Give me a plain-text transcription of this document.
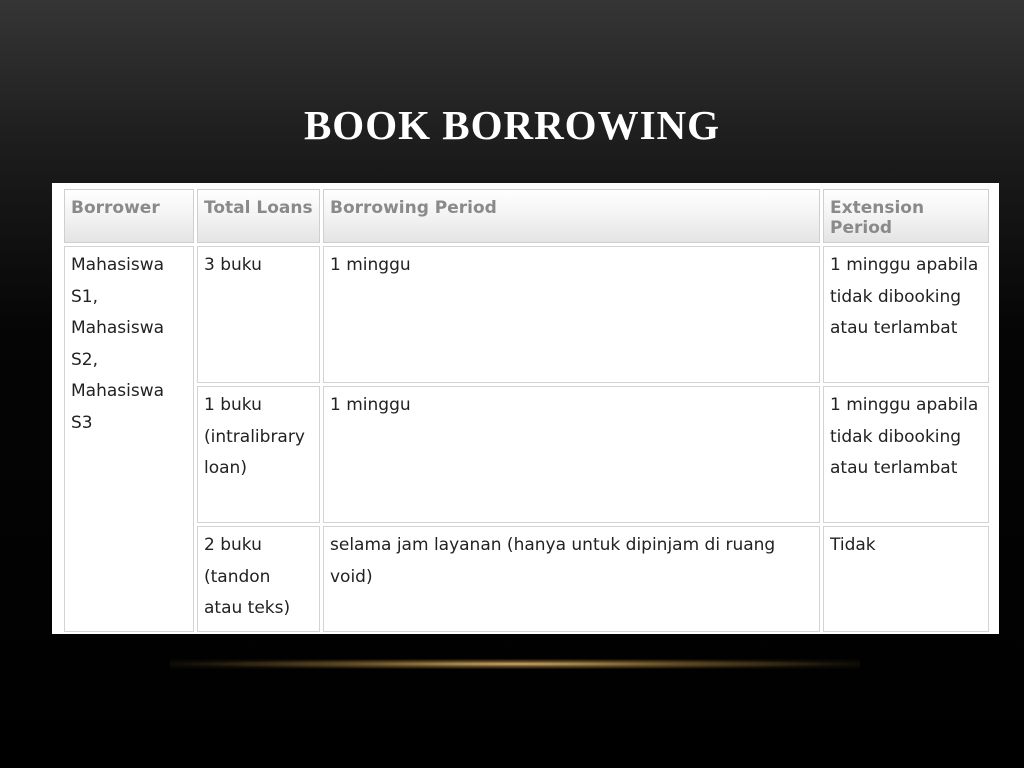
BOOK BORROWING
Borrower	Total Loans	Borrowing Period	Extension Period

Mahasiswa S1, Mahasiswa S2, Mahasiswa S3	3 buku	1 minggu	1 minggu apabila tidak dibooking atau terlambat

	1 buku (intralibrary loan)	1 minggu	1 minggu apabila tidak dibooking atau terlambat

	2 buku (tandon atau teks)	selama jam layanan (hanya untuk dipinjam di ruang void)	Tidak
